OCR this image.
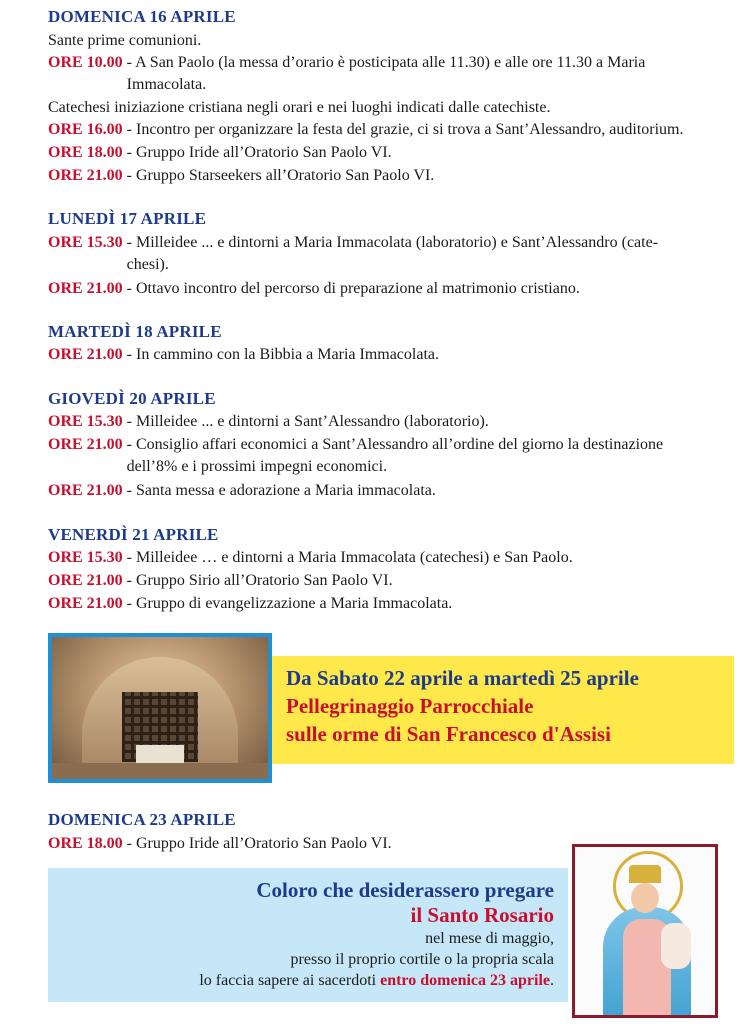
DOMENICA 16 APRILE
Sante prime comunioni.
ORE 10.00 - A San Paolo (la messa d’orario è posticipata alle 11.30) e alle ore 11.30 a Maria
Immacolata.
Catechesi iniziazione cristiana negli orari e nei luoghi indicati dalle catechiste.
ORE 16.00 - Incontro per organizzare la festa del grazie, ci si trova a Sant’Alessandro, auditorium.
ORE 18.00 - Gruppo Iride all’Oratorio San Paolo VI.
ORE 21.00 - Gruppo Starseekers all’Oratorio San Paolo VI.
LUNEDÌ 17 APRILE
ORE 15.30 - Milleidee ... e dintorni a Maria Immacolata (laboratorio) e Sant’Alessandro (cate-
chesi).
ORE 21.00 - Ottavo incontro del percorso di preparazione al matrimonio cristiano.
MARTEDÌ 18 APRILE
ORE 21.00 - In cammino con la Bibbia a Maria Immacolata.
GIOVEDÌ 20 APRILE
ORE 15.30 - Milleidee ... e dintorni a Sant’Alessandro (laboratorio).
ORE 21.00 - Consiglio affari economici a Sant’Alessandro all’ordine del giorno la destinazione
dell’8% e i prossimi impegni economici.
ORE 21.00 - Santa messa e adorazione a Maria immacolata.
VENERDÌ 21 APRILE
ORE 15.30 - Milleidee … e dintorni a Maria Immacolata (catechesi) e San Paolo.
ORE 21.00 - Gruppo Sirio all’Oratorio San Paolo VI.
ORE 21.00 - Gruppo di evangelizzazione a Maria Immacolata.
Da Sabato 22 aprile a martedì 25 aprile
Pellegrinaggio Parrocchiale
sulle orme di San Francesco d'Assisi
DOMENICA 23 APRILE
ORE 18.00 - Gruppo Iride all’Oratorio San Paolo VI.
Coloro che desiderassero pregare
il Santo Rosario
nel mese di maggio,
presso il proprio cortile o la propria scala
lo faccia sapere ai sacerdoti entro domenica 23 aprile.
